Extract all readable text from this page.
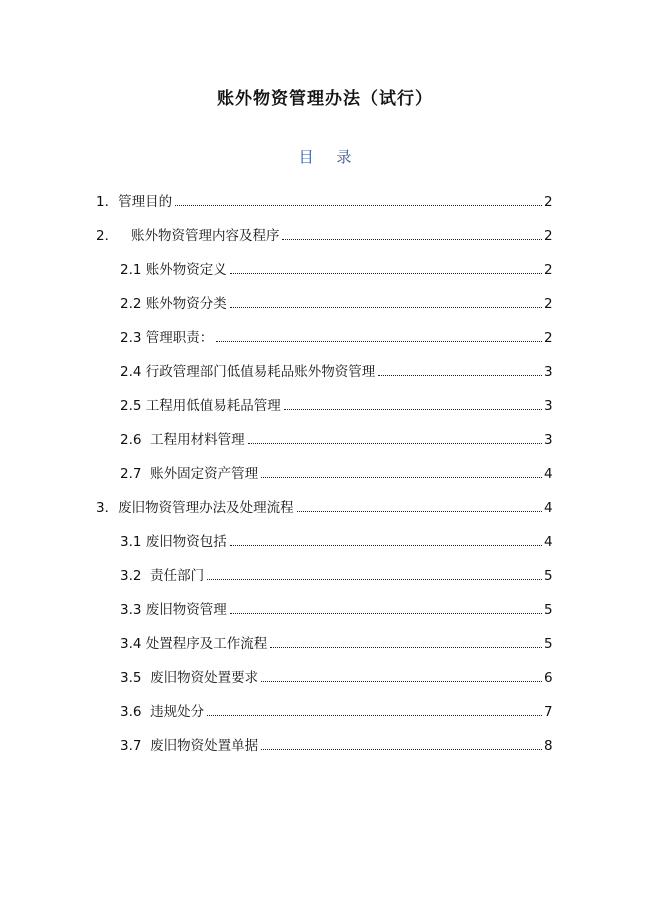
账外物资管理办法（试行）
目 录
1． 管理目的	2
2． 账外物资管理内容及程序	2
2.1 账外物资定义	2
2.2 账外物资分类	2
2.3 管理职责：	2
2.4 行政管理部门低值易耗品账外物资管理	3
2.5 工程用低值易耗品管理	3
2.6 工程用材料管理	3
2.7 账外固定资产管理	4
3． 废旧物资管理办法及处理流程	4
3.1 废旧物资包括	4
3.2 责任部门	5
3.3 废旧物资管理	5
3.4 处置程序及工作流程	5
3.5 废旧物资处置要求	6
3.6 违规处分	7
3.7 废旧物资处置单据	8
